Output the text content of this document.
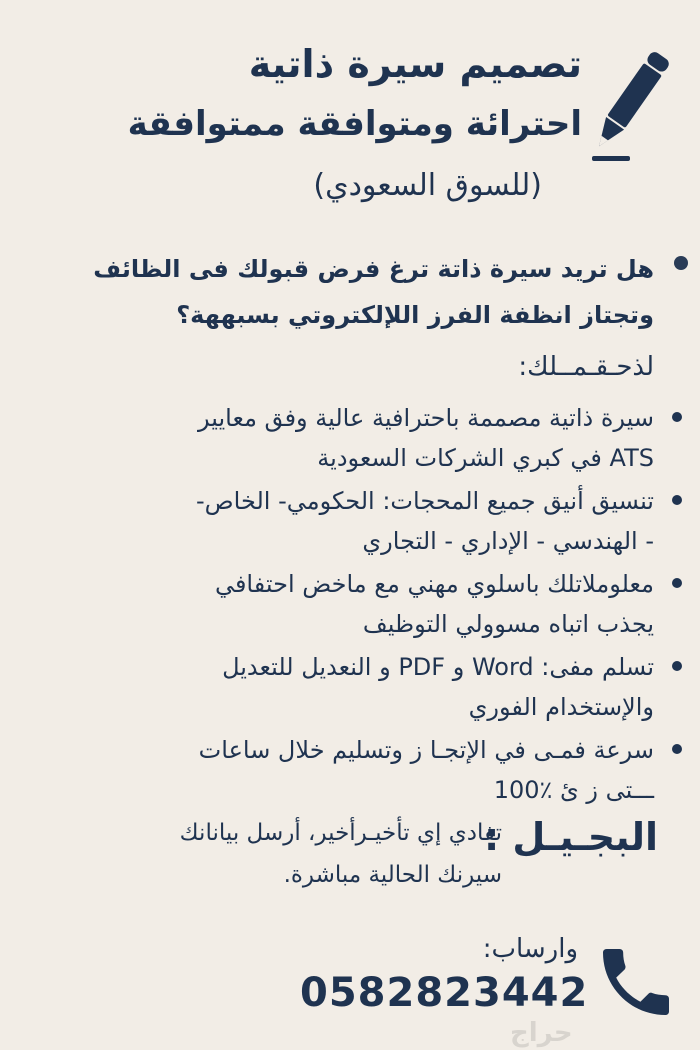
تصميم سيرة ذاتية
احترائة ومتوافقة ممتوافقة
(للسوق السعودي)
هل تريد سيرة ذاتة ترغ فرض قبولك فى الظائف
وتجتاز انظفة الفرز اللإلكتروتي بسبههة؟
لذحـقـمــلك:
سيرة ذاتية مصممة باحترافية عالية وفق معايير
ATS في كبري الشركات السعودية
تنسيق أنيق جميع المحجات: الحكومي- الخاص-
- الهندسي - الإداري - التجاري
معلوملاتلك باسلوي مهني مع ماخض احتفافي
يجذب اتباه مسوولي التوظيف
تسلم مفى: Word و PDF و النعديل للتعديل
والإستخدام الفوري
سرعة فمـى في الإتجـا ز وتسليم خلال ساعات
ـــتى ز ئ ٪100
البجـيـل :
تفادي إي تأخيـرأخير، أرسل بيانانك
سيرنك الحالية مباشرة.
وارساب:
0582823442
حراج
